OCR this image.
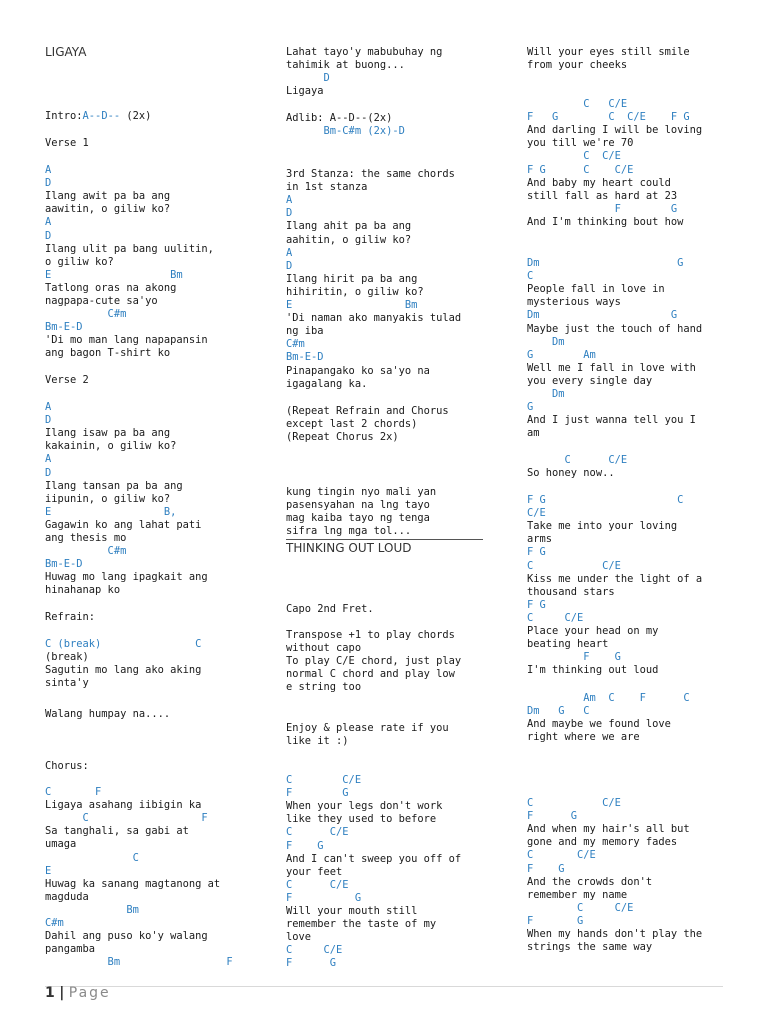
LIGAYA
Intro:A--D-- (2x)
Verse 1
A
D
Ilang awit pa ba ang
aawitin, o giliw ko?
A
D
Ilang ulit pa bang uulitin,
o giliw ko?
E                   Bm
Tatlong oras na akong
nagpapa-cute sa'yo
C#m
Bm-E-D
'Di mo man lang napapansin
ang bagon T-shirt ko
Verse 2
A
D
Ilang isaw pa ba ang
kakainin, o giliw ko?
A
D
Ilang tansan pa ba ang
iipunin, o giliw ko?
E                  B,
Gagawin ko ang lahat pati
ang thesis mo
C#m
Bm-E-D
Huwag mo lang ipagkait ang
hinahanap ko
Refrain:
C (break)               C
(break)
Sagutin mo lang ako aking
sinta'y
Walang humpay na....
Chorus:
C       F
Ligaya asahang iibigin ka
C                  F
Sa tanghali, sa gabi at
umaga
C
E
Huwag ka sanang magtanong at
magduda
Bm
C#m
Dahil ang puso ko'y walang
pangamba
Bm                 F
Lahat tayo'y mabubuhay ng
tahimik at buong...
D
Ligaya
Adlib: A--D--(2x)
Bm-C#m (2x)-D
3rd Stanza: the same chords
in 1st stanza
A
D
Ilang ahit pa ba ang
aahitin, o giliw ko?
A
D
Ilang hirit pa ba ang
hihiritin, o giliw ko?
E                  Bm
'Di naman ako manyakis tulad
ng iba
C#m
Bm-E-D
Pinapangako ko sa'yo na
igagalang ka.
(Repeat Refrain and Chorus
except last 2 chords)
(Repeat Chorus 2x)
kung tingin nyo mali yan
pasensyahan na lng tayo
mag kaiba tayo ng tenga
sifra lng mga tol...
THINKING OUT LOUD
Capo 2nd Fret.
Transpose +1 to play chords
without capo
To play C/E chord, just play
normal C chord and play low
e string too
Enjoy & please rate if you
like it :)
C        C/E
F        G
When your legs don't work
like they used to before
C      C/E
F    G
And I can't sweep you off of
your feet
C      C/E
F          G
Will your mouth still
remember the taste of my
love
C     C/E
F      G
Will your eyes still smile
from your cheeks
C   C/E
F   G        C  C/E    F G
And darling I will be loving
you till we're 70
C  C/E
F G      C    C/E
And baby my heart could
still fall as hard at 23
F        G
And I'm thinking bout how
Dm                      G
C
People fall in love in
mysterious ways
Dm                     G
Maybe just the touch of hand
Dm
G        Am
Well me I fall in love with
you every single day
Dm
G
And I just wanna tell you I
am
C      C/E
So honey now..
F G                     C
C/E
Take me into your loving
arms
F G
C           C/E
Kiss me under the light of a
thousand stars
F G
C     C/E
Place your head on my
beating heart
F    G
I'm thinking out loud
Am  C    F      C
Dm   G   C
And maybe we found love
right where we are
C           C/E
F      G
And when my hair's all but
gone and my memory fades
C       C/E
F    G
And the crowds don't
remember my name
C     C/E
F       G
When my hands don't play the
strings the same way
1 | Page
